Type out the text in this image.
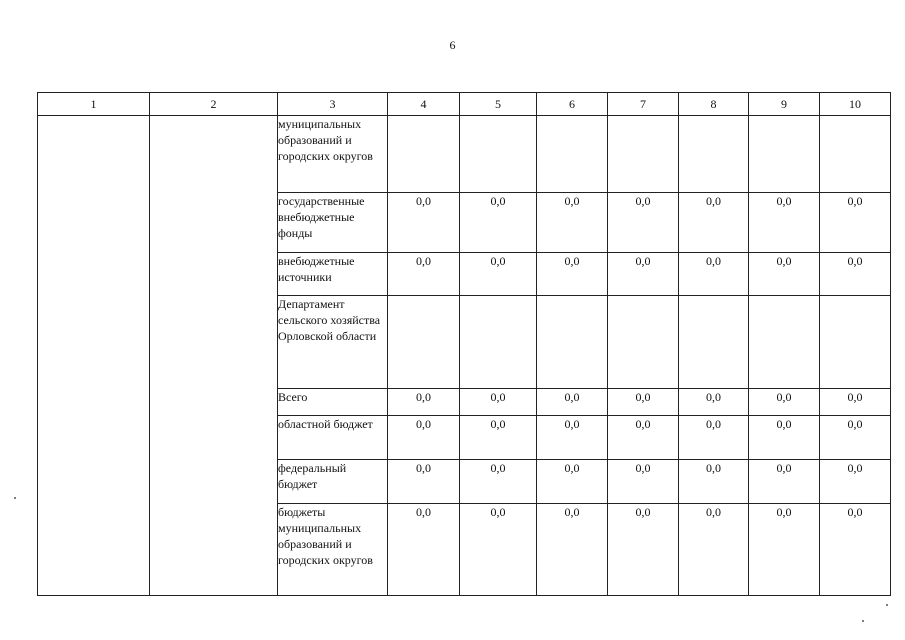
6
1	2	3	4	5	6	7	8	9	10
		муниципальных образований и городских округов							
		государственные внебюджетные фонды	0,0	0,0	0,0	0,0	0,0	0,0	0,0
		внебюджетные источники	0,0	0,0	0,0	0,0	0,0	0,0	0,0
		Департамент сельского хозяйства Орловской области							
		Всего	0,0	0,0	0,0	0,0	0,0	0,0	0,0
		областной бюджет	0,0	0,0	0,0	0,0	0,0	0,0	0,0
		федеральный бюджет	0,0	0,0	0,0	0,0	0,0	0,0	0,0
		бюджеты муниципальных образований и городских округов	0,0	0,0	0,0	0,0	0,0	0,0	0,0
